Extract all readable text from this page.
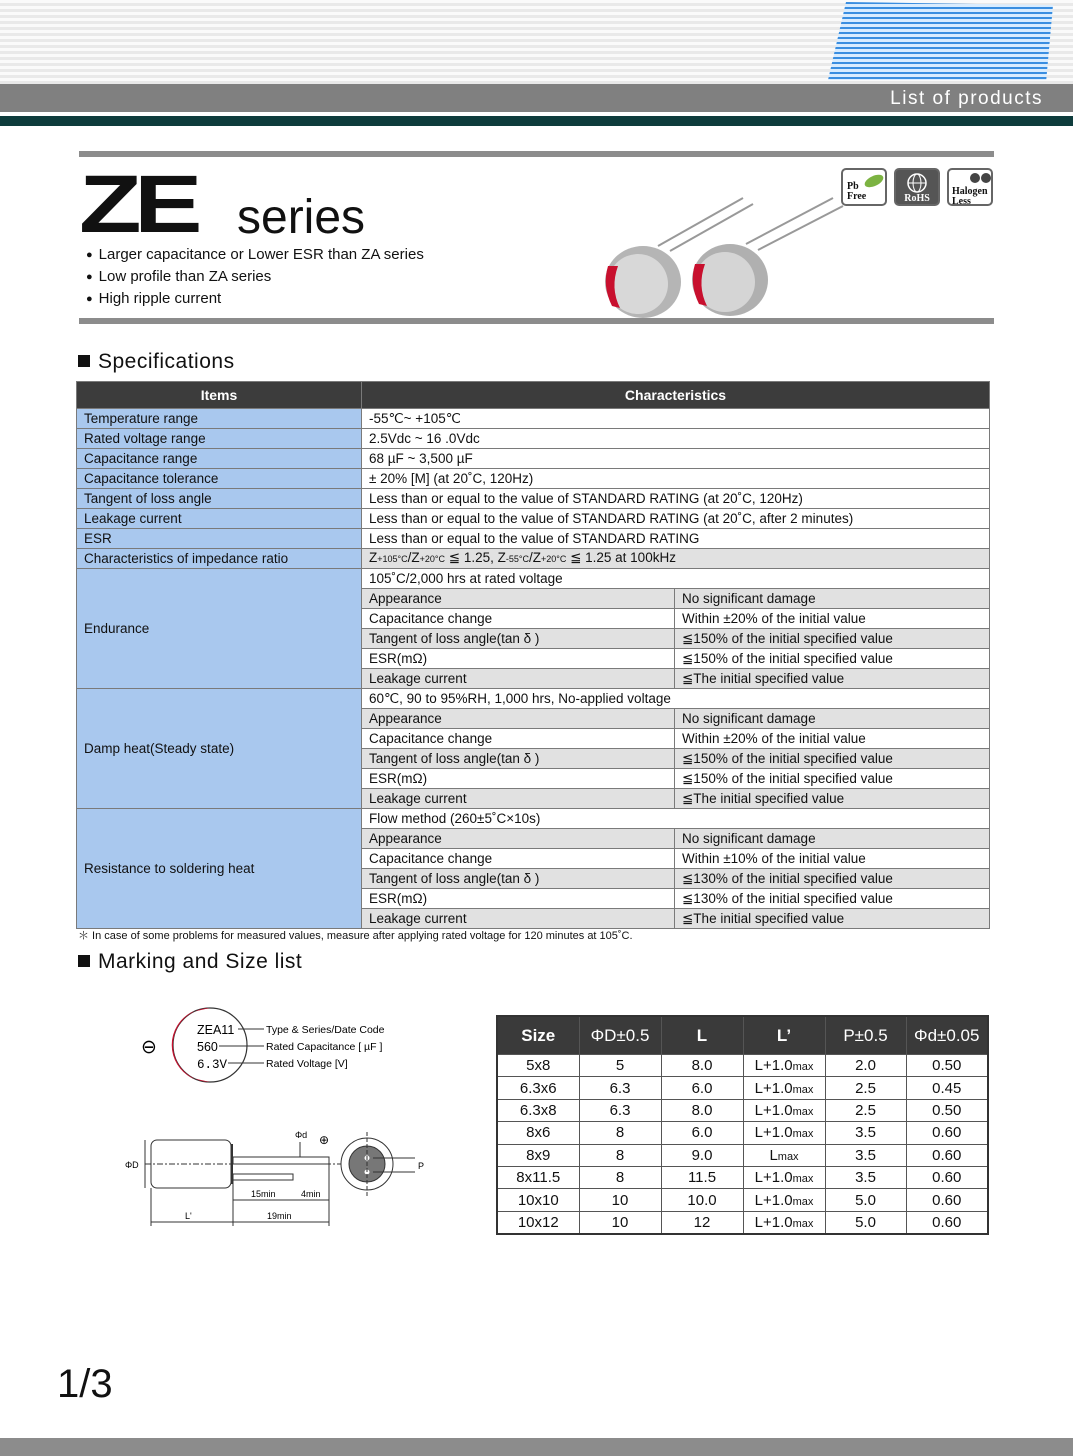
List of products
ZE series
● Larger capacitance or Lower ESR than ZA series
● Low profile than ZA series
● High ripple current
Pb
Free	RoHS
Halogen
Less
Specifications
Items	Characteristics	
Temperature range	-55℃~ +105℃	
Rated voltage range	2.5Vdc ~ 16 .0Vdc	
Capacitance range	68 µF ~ 3,500 µF	
Capacitance tolerance	± 20% [M] (at 20˚C, 120Hz)	
Tangent of loss angle	Less than or equal to the value of STANDARD RATING (at 20˚C, 120Hz)	
Leakage current	Less than or equal to the value of STANDARD RATING (at 20˚C, after 2 minutes)	
ESR	Less than or equal to the value of STANDARD RATING	
Characteristics of impedance ratio	Z+105°C/Z+20°C ≦ 1.25, Z-55°C/Z+20°C ≦ 1.25 at 100kHz	
Endurance	105˚C/2,000 hrs at rated voltage	
	Appearance	No significant damage
	Capacitance change	Within ±20% of the initial value
	Tangent of loss angle(tan δ )	≦150% of the initial specified value
	ESR(mΩ)	≦150% of the initial specified value
	Leakage current	≦The initial specified value
Damp heat(Steady state)	60℃, 90 to 95%RH, 1,000 hrs, No-applied voltage	
	Appearance	No significant damage
	Capacitance change	Within ±20% of the initial value
	Tangent of loss angle(tan δ )	≦150% of the initial specified value
	ESR(mΩ)	≦150% of the initial specified value
	Leakage current	≦The initial specified value
Resistance to soldering heat	Flow method (260±5˚C×10s)	
	Appearance	No significant damage
	Capacitance change	Within ±10% of the initial value
	Tangent of loss angle(tan δ )	≦130% of the initial specified value
	ESR(mΩ)	≦130% of the initial specified value
	Leakage current	≦The initial specified value
＊ In case of some problems for measured values, measure after applying rated voltage for 120 minutes at 105˚C.
Marking and Size list
ZEA11
560
6.3V
Type & Series/Date Code
Rated Capacitance [ µF ]
Rated Voltage [V]
⊖
ΦD
Φd ⊕
P
15min	4min
L'	19min
Size	ΦD±0.5	L	L’	P±0.5	Φd±0.05
5x8	5	8.0	L+1.0max	2.0	0.50
6.3x6	6.3	6.0	L+1.0max	2.5	0.45
6.3x8	6.3	8.0	L+1.0max	2.5	0.50
8x6	8	6.0	L+1.0max	3.5	0.60
8x9	8	9.0	Lmax	3.5	0.60
8x11.5	8	11.5	L+1.0max	3.5	0.60
10x10	10	10.0	L+1.0max	5.0	0.60
10x12	10	12	L+1.0max	5.0	0.60
1/3
